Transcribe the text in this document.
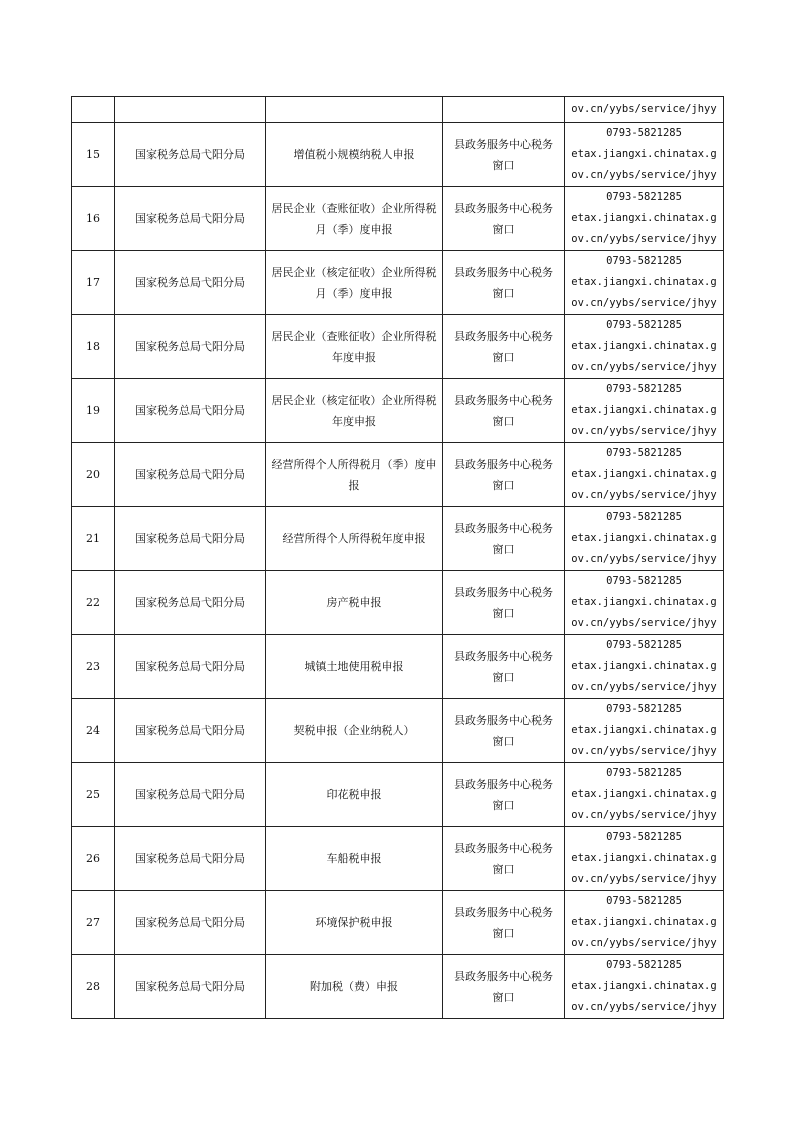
				ov.cn/yybs/service/jhyy
15	国家税务总局弋阳分局	增值税小规模纳税人申报	县政务服务中心税务窗口	0793-5821285
etax.jiangxi.chinatax.g
ov.cn/yybs/service/jhyy

16	国家税务总局弋阳分局	居民企业（查账征收）企业所得税月（季）度申报	县政务服务中心税务窗口	0793-5821285
etax.jiangxi.chinatax.g
ov.cn/yybs/service/jhyy

17	国家税务总局弋阳分局	居民企业（核定征收）企业所得税月（季）度申报	县政务服务中心税务窗口	0793-5821285
etax.jiangxi.chinatax.g
ov.cn/yybs/service/jhyy

18	国家税务总局弋阳分局	居民企业（查账征收）企业所得税年度申报	县政务服务中心税务窗口	0793-5821285
etax.jiangxi.chinatax.g
ov.cn/yybs/service/jhyy

19	国家税务总局弋阳分局	居民企业（核定征收）企业所得税年度申报	县政务服务中心税务窗口	0793-5821285
etax.jiangxi.chinatax.g
ov.cn/yybs/service/jhyy

20	国家税务总局弋阳分局	经营所得个人所得税月（季）度申报	县政务服务中心税务窗口	0793-5821285
etax.jiangxi.chinatax.g
ov.cn/yybs/service/jhyy

21	国家税务总局弋阳分局	经营所得个人所得税年度申报	县政务服务中心税务窗口	0793-5821285
etax.jiangxi.chinatax.g
ov.cn/yybs/service/jhyy

22	国家税务总局弋阳分局	房产税申报	县政务服务中心税务窗口	0793-5821285
etax.jiangxi.chinatax.g
ov.cn/yybs/service/jhyy

23	国家税务总局弋阳分局	城镇土地使用税申报	县政务服务中心税务窗口	0793-5821285
etax.jiangxi.chinatax.g
ov.cn/yybs/service/jhyy

24	国家税务总局弋阳分局	契税申报（企业纳税人）	县政务服务中心税务窗口	0793-5821285
etax.jiangxi.chinatax.g
ov.cn/yybs/service/jhyy

25	国家税务总局弋阳分局	印花税申报	县政务服务中心税务窗口	0793-5821285
etax.jiangxi.chinatax.g
ov.cn/yybs/service/jhyy

26	国家税务总局弋阳分局	车船税申报	县政务服务中心税务窗口	0793-5821285
etax.jiangxi.chinatax.g
ov.cn/yybs/service/jhyy

27	国家税务总局弋阳分局	环境保护税申报	县政务服务中心税务窗口	0793-5821285
etax.jiangxi.chinatax.g
ov.cn/yybs/service/jhyy

28	国家税务总局弋阳分局	附加税（费）申报	县政务服务中心税务窗口	0793-5821285
etax.jiangxi.chinatax.g
ov.cn/yybs/service/jhyy
